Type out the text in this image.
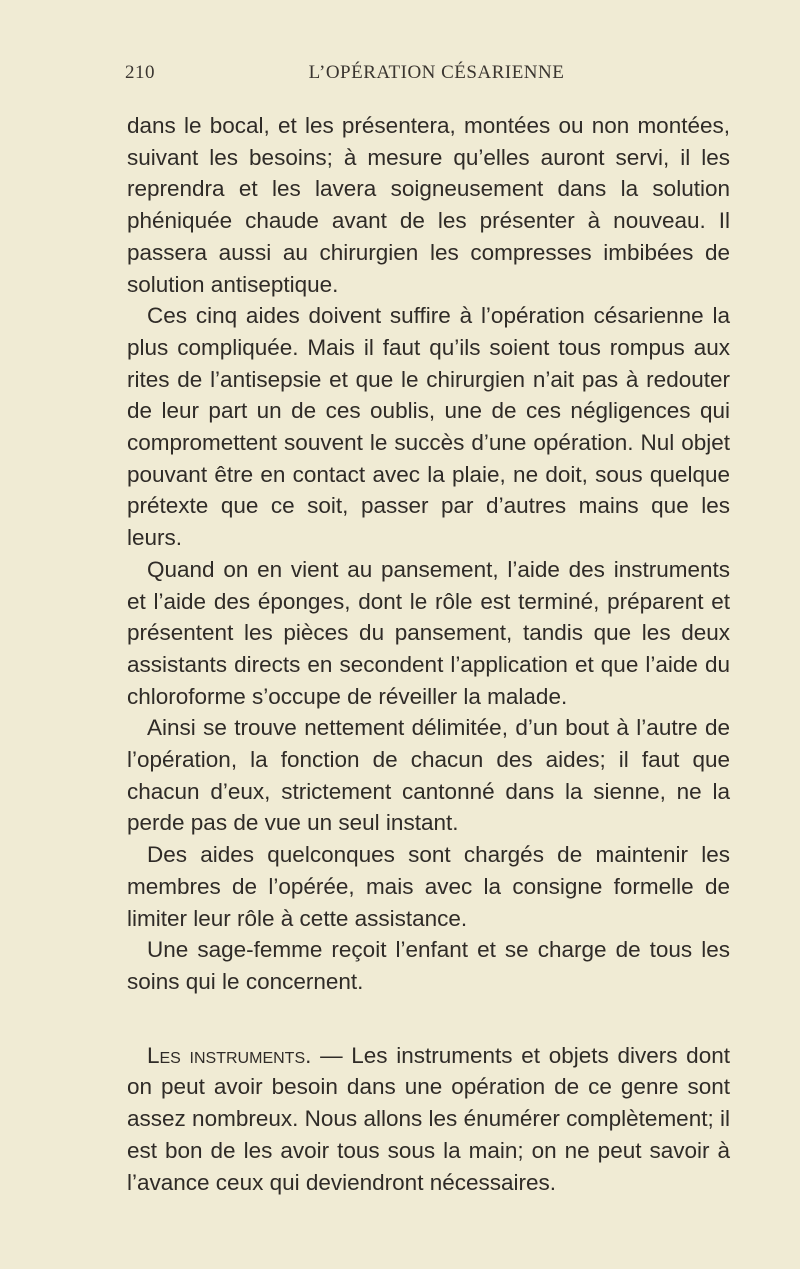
210	L’OPÉRATION CÉSARIENNE

dans le bocal, et les présentera, montées ou non montées, suivant les besoins; à mesure qu’elles auront servi, il les reprendra et les lavera soigneusement dans la solution phéniquée chaude avant de les présenter à nouveau. Il passera aussi au chirurgien les compresses imbibées de solution antiseptique.

Ces cinq aides doivent suffire à l’opération césarienne la plus compliquée. Mais il faut qu’ils soient tous rompus aux rites de l’antisepsie et que le chirurgien n’ait pas à redouter de leur part un de ces oublis, une de ces négligences qui compromettent souvent le succès d’une opération. Nul objet pouvant être en contact avec la plaie, ne doit, sous quelque prétexte que ce soit, passer par d’autres mains que les leurs.

Quand on en vient au pansement, l’aide des instruments et l’aide des éponges, dont le rôle est terminé, préparent et présentent les pièces du pansement, tandis que les deux assistants directs en secondent l’application et que l’aide du chloroforme s’occupe de réveiller la malade.

Ainsi se trouve nettement délimitée, d’un bout à l’autre de l’opération, la fonction de chacun des aides; il faut que chacun d’eux, strictement cantonné dans la sienne, ne la perde pas de vue un seul instant.

Des aides quelconques sont chargés de maintenir les membres de l’opérée, mais avec la consigne formelle de limiter leur rôle à cette assistance.

Une sage-femme reçoit l’enfant et se charge de tous les soins qui le concernent.

Les instruments. — Les instruments et objets divers dont on peut avoir besoin dans une opération de ce genre sont assez nombreux. Nous allons les énumérer complètement; il est bon de les avoir tous sous la main; on ne peut savoir à l’avance ceux qui deviendront nécessaires.
